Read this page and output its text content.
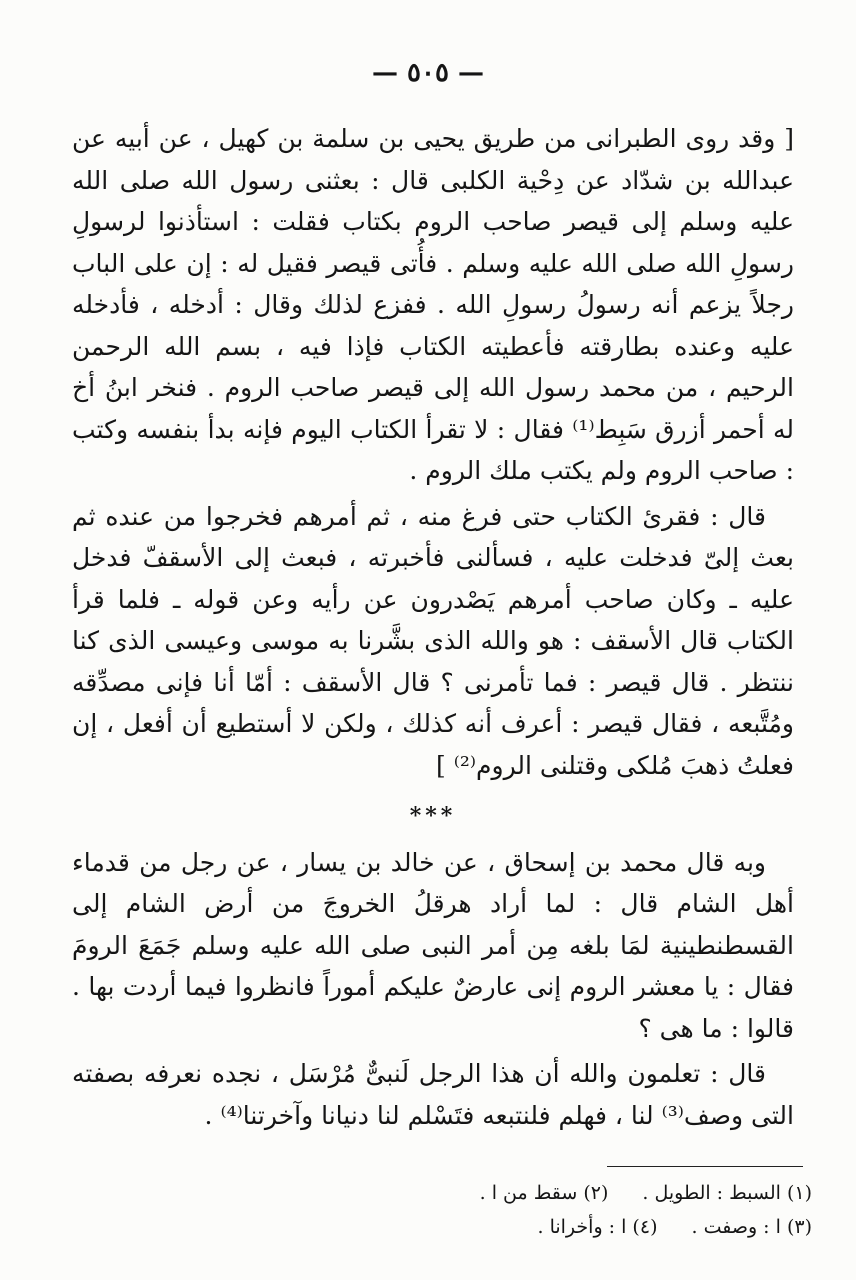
— ٥٠٥ —

[ وقد روى الطبرانى من طريق يحيى بن سلمة بن كهيل ، عن أبيه عن عبدالله بن شدّاد عن دِحْية الكلبى قال : بعثنى رسول الله صلى الله عليه وسلم إلى قيصر صاحب الروم بكتاب فقلت : استأذنوا لرسولِ رسولِ الله صلى الله عليه وسلم . فأُتى قيصر فقيل له : إن على الباب رجلاً يزعم أنه رسولُ رسولِ الله . ففزع لذلك وقال : أدخله ، فأدخله عليه وعنده بطارقته فأعطيته الكتاب فإذا فيه ، بسم الله الرحمن الرحيم ، من محمد رسول الله إلى قيصر صاحب الروم . فنخر ابنُ أخ له أحمر أزرق سَبِط⁽¹⁾ فقال : لا تقرأ الكتاب اليوم فإنه بدأ بنفسه وكتب : صاحب الروم ولم يكتب ملك الروم .

قال : فقرئ الكتاب حتى فرغ منه ، ثم أمرهم فخرجوا من عنده ثم بعث إلىّ فدخلت عليه ، فسألنى فأخبرته ، فبعث إلى الأسقفّ فدخل عليه ـ وكان صاحب أمرهم يَصْدرون عن رأيه وعن قوله ـ فلما قرأ الكتاب قال الأسقف : هو والله الذى بشَّرنا به موسى وعيسى الذى كنا ننتظر . قال قيصر : فما تأمرنى ؟ قال الأسقف : أمّا أنا فإنى مصدِّقه ومُتَّبعه ، فقال قيصر : أعرف أنه كذلك ، ولكن لا أستطيع أن أفعل ، إن فعلتُ ذهبَ مُلكى وقتلنى الروم⁽²⁾ ]

***

وبه قال محمد بن إسحاق ، عن خالد بن يسار ، عن رجل من قدماء أهل الشام قال : لما أراد هرقلُ الخروجَ من أرض الشام إلى القسطنطينية لمَا بلغه مِن أمر النبى صلى الله عليه وسلم جَمَعَ الرومَ فقال : يا معشر الروم إنى عارضٌ عليكم أموراً فانظروا فيما أردت بها . قالوا : ما هى ؟

قال : تعلمون والله أن هذا الرجل لَنبىٌّ مُرْسَل ، نجده نعرفه بصفته التى وصف⁽³⁾ لنا ، فهلم فلنتبعه فتَسْلم لنا دنيانا وآخرتنا⁽⁴⁾ .

(١) السبط : الطويل .
(٢) سقط من ا .
(٣) ا : وصفت .
(٤) ا : وأخرانا .
